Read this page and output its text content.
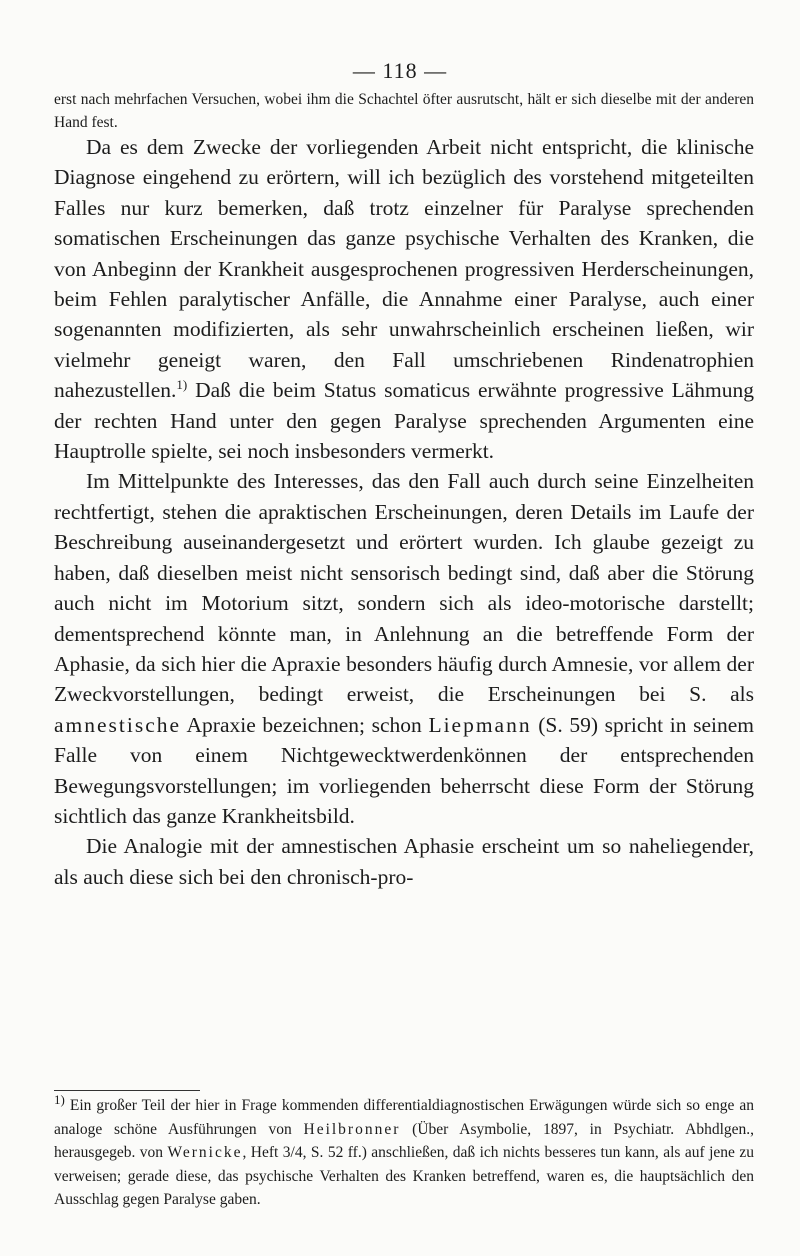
— 118 —
erst nach mehrfachen Versuchen, wobei ihm die Schachtel öfter ausrutscht, hält er sich dieselbe mit der anderen Hand fest.

Da es dem Zwecke der vorliegenden Arbeit nicht entspricht, die klinische Diagnose eingehend zu erörtern, will ich bezüglich des vorstehend mitgeteilten Falles nur kurz bemerken, daß trotz einzelner für Paralyse sprechenden somatischen Erscheinungen das ganze psychische Verhalten des Kranken, die von Anbeginn der Krankheit ausgesprochenen progressiven Herderscheinungen, beim Fehlen paralytischer Anfälle, die Annahme einer Paralyse, auch einer sogenannten modifizierten, als sehr unwahrscheinlich erscheinen ließen, wir vielmehr geneigt waren, den Fall umschriebenen Rindenatrophien nahezustellen.$^{1)}$ Daß die beim Status somaticus erwähnte progressive Lähmung der rechten Hand unter den gegen Paralyse sprechenden Argumenten eine Hauptrolle spielte, sei noch insbesonders vermerkt.

Im Mittelpunkte des Interesses, das den Fall auch durch seine Einzelheiten rechtfertigt, stehen die apraktischen Erscheinungen, deren Details im Laufe der Beschreibung auseinandergesetzt und erörtert wurden. Ich glaube gezeigt zu haben, daß dieselben meist nicht sensorisch bedingt sind, daß aber die Störung auch nicht im Motorium sitzt, sondern sich als ideo-motorische darstellt; dementsprechend könnte man, in Anlehnung an die betreffende Form der Aphasie, da sich hier die Apraxie besonders häufig durch Amnesie, vor allem der Zweckvorstellungen, bedingt erweist, die Erscheinungen bei S. als amnestische Apraxie bezeichnen; schon Liepmann (S. 59) spricht in seinem Falle von einem Nichtgewecktwerdenkönnen der entsprechenden Bewegungsvorstellungen; im vorliegenden beherrscht diese Form der Störung sichtlich das ganze Krankheitsbild.

Die Analogie mit der amnestischen Aphasie erscheint um so naheliegender, als auch diese sich bei den chronisch-pro-

$^{1)}$ Ein großer Teil der hier in Frage kommenden differentialdiagnostischen Erwägungen würde sich so enge an analoge schöne Ausführungen von Heilbronner (Über Asymbolie, 1897, in Psychiatr. Abhdlgen., herausgegeb. von Wernicke, Heft 3/4, S. 52 ff.) anschließen, daß ich nichts besseres tun kann, als auf jene zu verweisen; gerade diese, das psychische Verhalten des Kranken betreffend, waren es, die hauptsächlich den Ausschlag gegen Paralyse gaben.
